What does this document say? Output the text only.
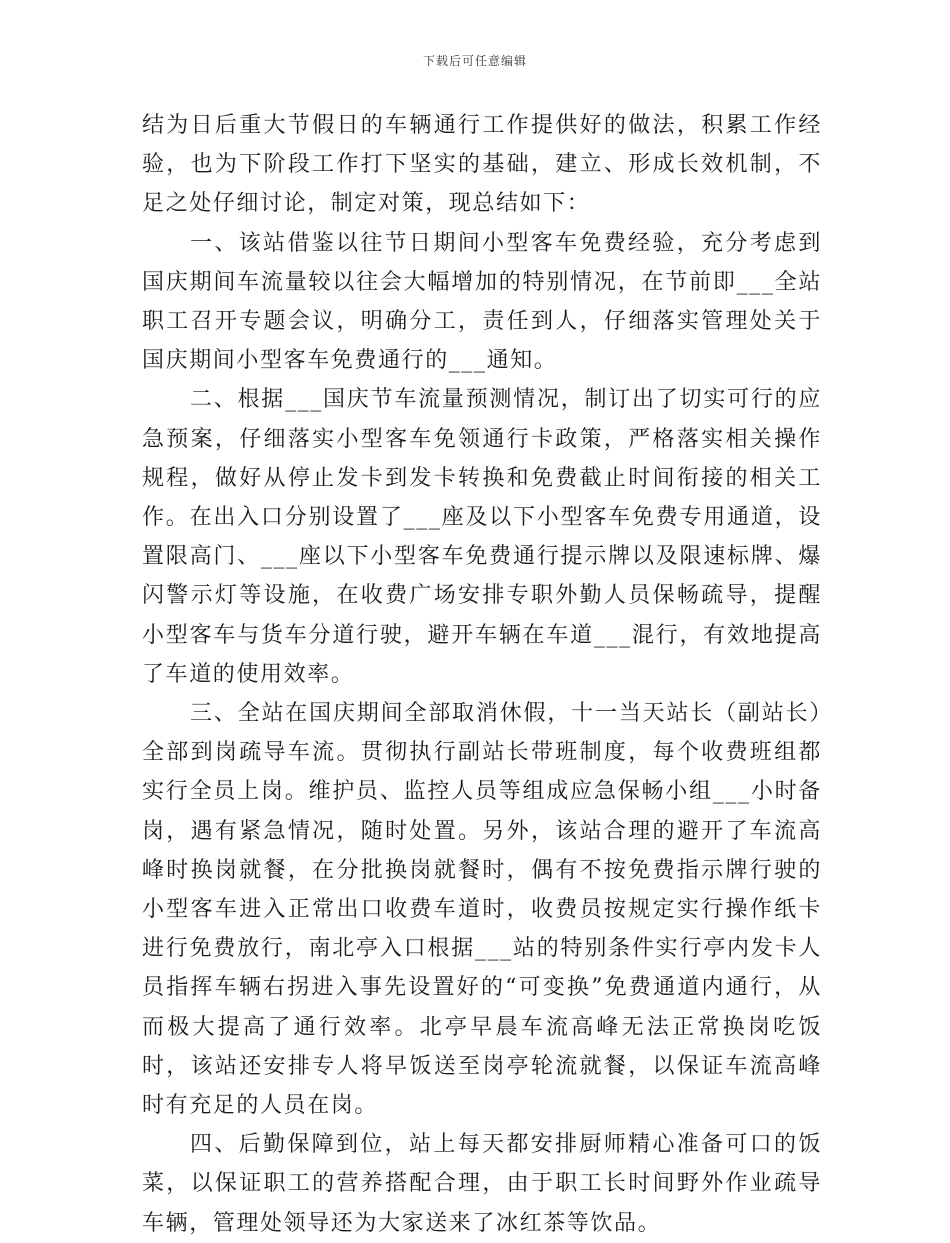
下载后可任意编辑

结为日后重大节假日的车辆通行工作提供好的做法，积累工作经验，也为下阶段工作打下坚实的基础，建立、形成长效机制，不足之处仔细讨论，制定对策，现总结如下：

一、该站借鉴以往节日期间小型客车免费经验，充分考虑到国庆期间车流量较以往会大幅增加的特别情况，在节前即___全站职工召开专题会议，明确分工，责任到人，仔细落实管理处关于国庆期间小型客车免费通行的___通知。

二、根据___国庆节车流量预测情况，制订出了切实可行的应急预案，仔细落实小型客车免领通行卡政策，严格落实相关操作规程，做好从停止发卡到发卡转换和免费截止时间衔接的相关工作。在出入口分别设置了___座及以下小型客车免费专用通道，设置限高门、___座以下小型客车免费通行提示牌以及限速标牌、爆闪警示灯等设施，在收费广场安排专职外勤人员保畅疏导，提醒小型客车与货车分道行驶，避开车辆在车道___混行，有效地提高了车道的使用效率。

三、全站在国庆期间全部取消休假，十一当天站长（副站长）全部到岗疏导车流。贯彻执行副站长带班制度，每个收费班组都实行全员上岗。维护员、监控人员等组成应急保畅小组___小时备岗，遇有紧急情况，随时处置。另外，该站合理的避开了车流高峰时换岗就餐，在分批换岗就餐时，偶有不按免费指示牌行驶的小型客车进入正常出口收费车道时，收费员按规定实行操作纸卡进行免费放行，南北亭入口根据___站的特别条件实行亭内发卡人员指挥车辆右拐进入事先设置好的“可变换”免费通道内通行，从而极大提高了通行效率。北亭早晨车流高峰无法正常换岗吃饭时，该站还安排专人将早饭送至岗亭轮流就餐，以保证车流高峰时有充足的人员在岗。

四、后勤保障到位，站上每天都安排厨师精心准备可口的饭菜，以保证职工的营养搭配合理，由于职工长时间野外作业疏导车辆，管理处领导还为大家送来了冰红茶等饮品。
